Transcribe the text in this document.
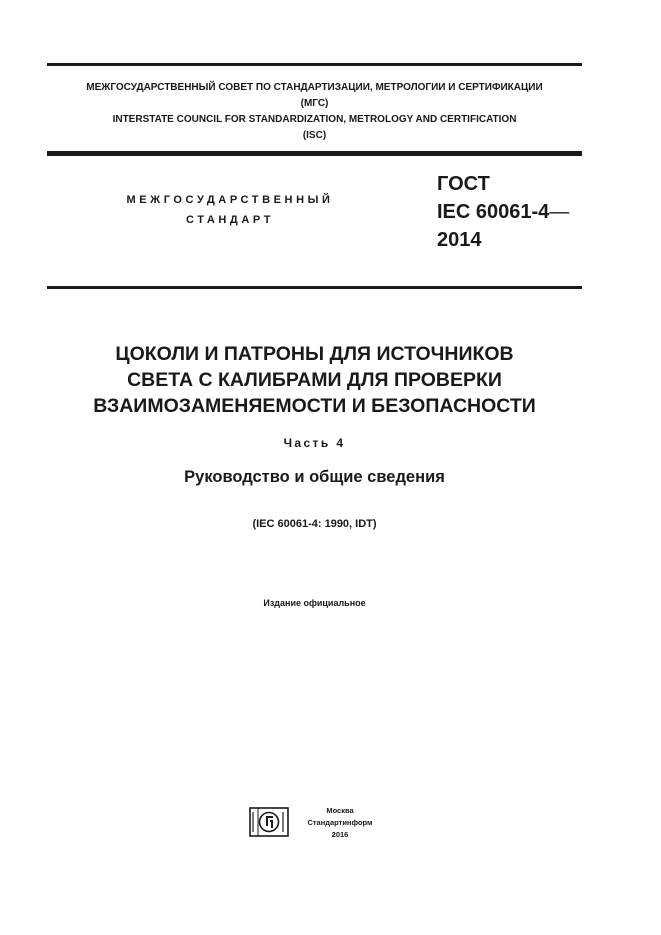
МЕЖГОСУДАРСТВЕННЫЙ СОВЕТ ПО СТАНДАРТИЗАЦИИ, МЕТРОЛОГИИ И СЕРТИФИКАЦИИ
(МГС)
INTERSTATE COUNCIL FOR STANDARDIZATION, METROLOGY AND CERTIFICATION
(ISC)
МЕЖГОСУДАРСТВЕННЫЙ
СТАНДАРТ
ГОСТ
IEC 60061-4—
2014
ЦОКОЛИ И ПАТРОНЫ ДЛЯ ИСТОЧНИКОВ
СВЕТА С КАЛИБРАМИ ДЛЯ ПРОВЕРКИ
ВЗАИМОЗАМЕНЯЕМОСТИ И БЕЗОПАСНОСТИ
Часть 4
Руководство и общие сведения
(IEC 60061-4: 1990, IDT)
Издание официальное
Москва
Стандартинформ
2016
